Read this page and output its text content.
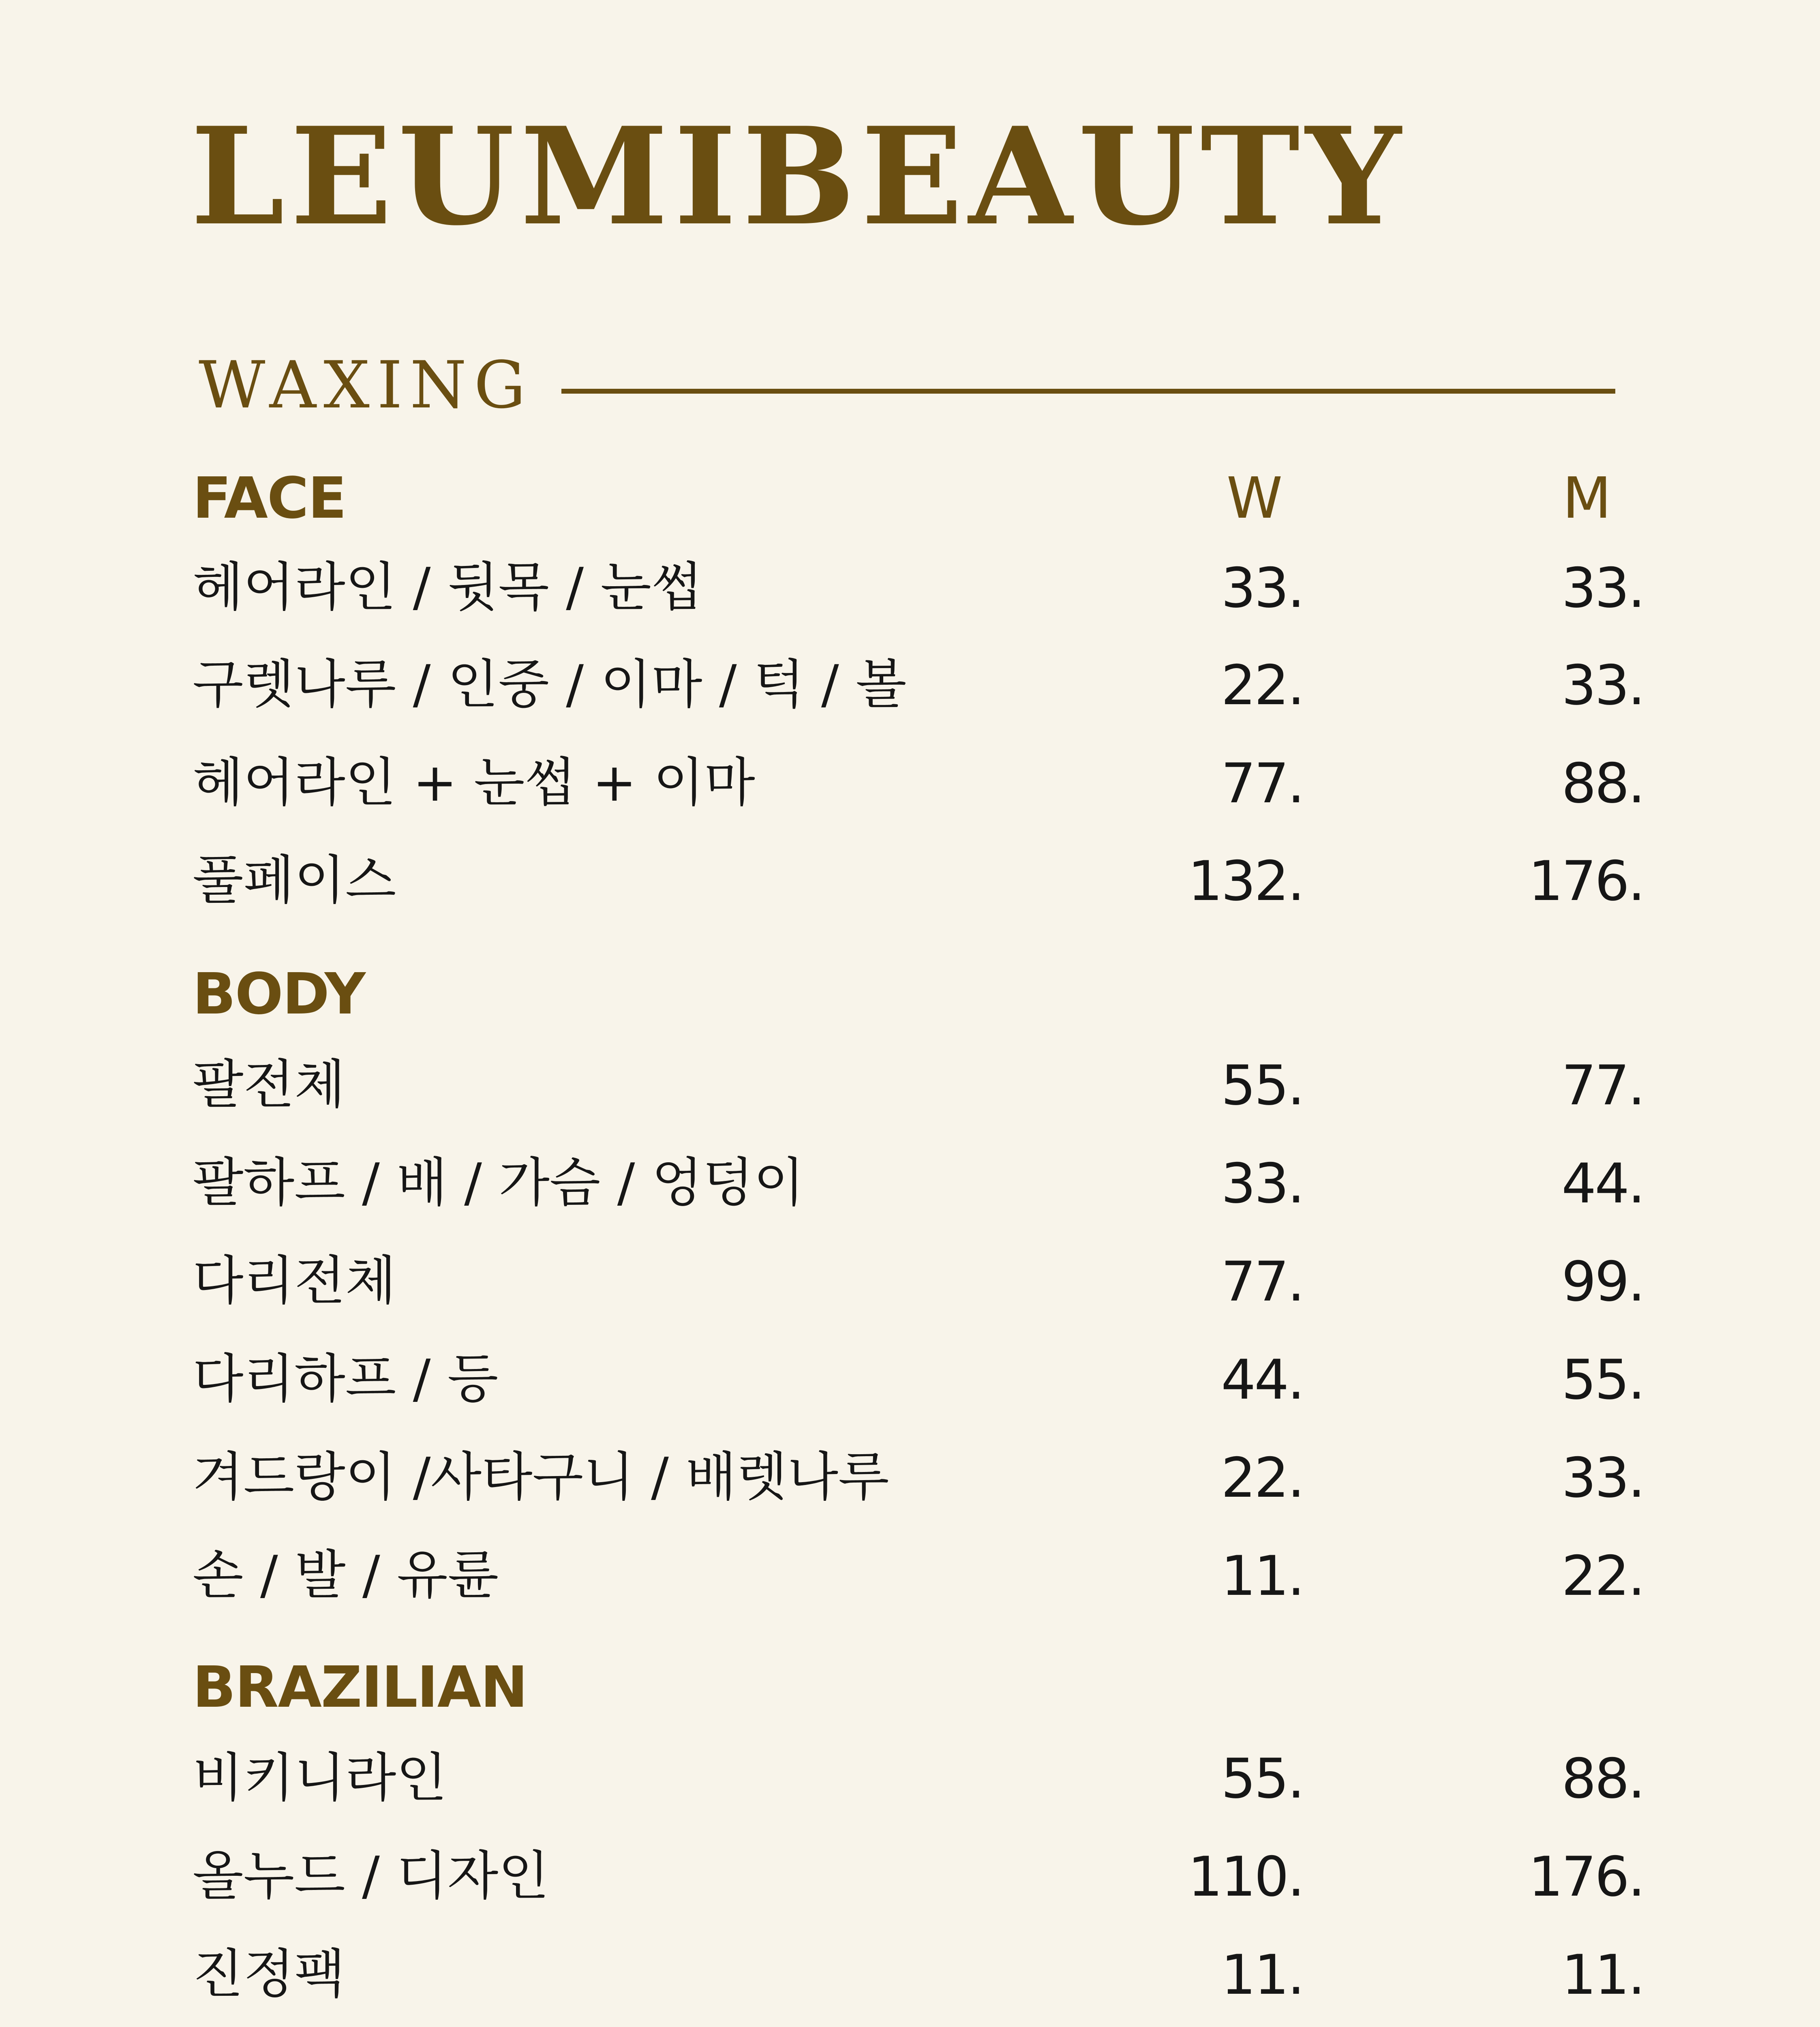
LEUMIBEAUTY
WAXING
FACE	W	M
헤어라인 / 뒷목 / 눈썹	33.	33.
구렛나루 / 인중 / 이마 / 턱 / 볼	22.	33.
헤어라인 + 눈썹 + 이마	77.	88.
풀페이스	132.	176.
BODY
팔전체	55.	77.
팔하프 / 배 / 가슴 / 엉덩이	33.	44.
다리전체	77.	99.
다리하프 / 등	44.	55.
겨드랑이 /사타구니 / 배렛나루	22.	33.
손 / 발 / 유륜	11.	22.
BRAZILIAN
비키니라인	55.	88.
올누드 / 디자인	110.	176.
진정팩	11.	11.
